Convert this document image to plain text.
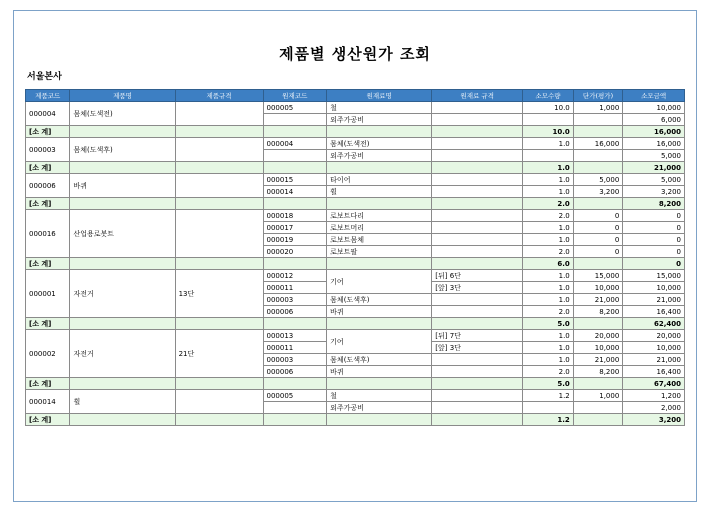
제품별 생산원가 조회
서울본사
제품코드	제품명	제품규격	원재코드	원재료명	원재료 규격	소모수량	단가(평가)	소모금액
000004	몸체(도색전)		000005	철		10.0	1,000	10,000
				외주가공비				6,000
[소 계]						10.0		16,000
000003	몸체(도색후)		000004	몸체(도색전)		1.0	16,000	16,000
				외주가공비				5,000
[소 계]						1.0		21,000
000006	바퀴		000015	타이어		1.0	5,000	5,000
			000014	휠		1.0	3,200	3,200
[소 계]						2.0		8,200
000016	산업용로봇트		000018	로보트다리		2.0	0	0
			000017	로보트머리		1.0	0	0
			000019	로보트몸체		1.0	0	0
			000020	로보트팔		2.0	0	0
[소 계]						6.0		0
000001	자전거	13단	000012	기어	[뒤] 6단	1.0	15,000	15,000
			000011		[앞] 3단	1.0	10,000	10,000
			000003	몸체(도색후)		1.0	21,000	21,000
			000006	바퀴		2.0	8,200	16,400
[소 계]						5.0		62,400
000002	자전거	21단	000013	기어	[뒤] 7단	1.0	20,000	20,000
			000011		[앞] 3단	1.0	10,000	10,000
			000003	몸체(도색후)		1.0	21,000	21,000
			000006	바퀴		2.0	8,200	16,400
[소 계]						5.0		67,400
000014	휠		000005	철		1.2	1,000	1,200
				외주가공비				2,000
[소 계]						1.2		3,200
